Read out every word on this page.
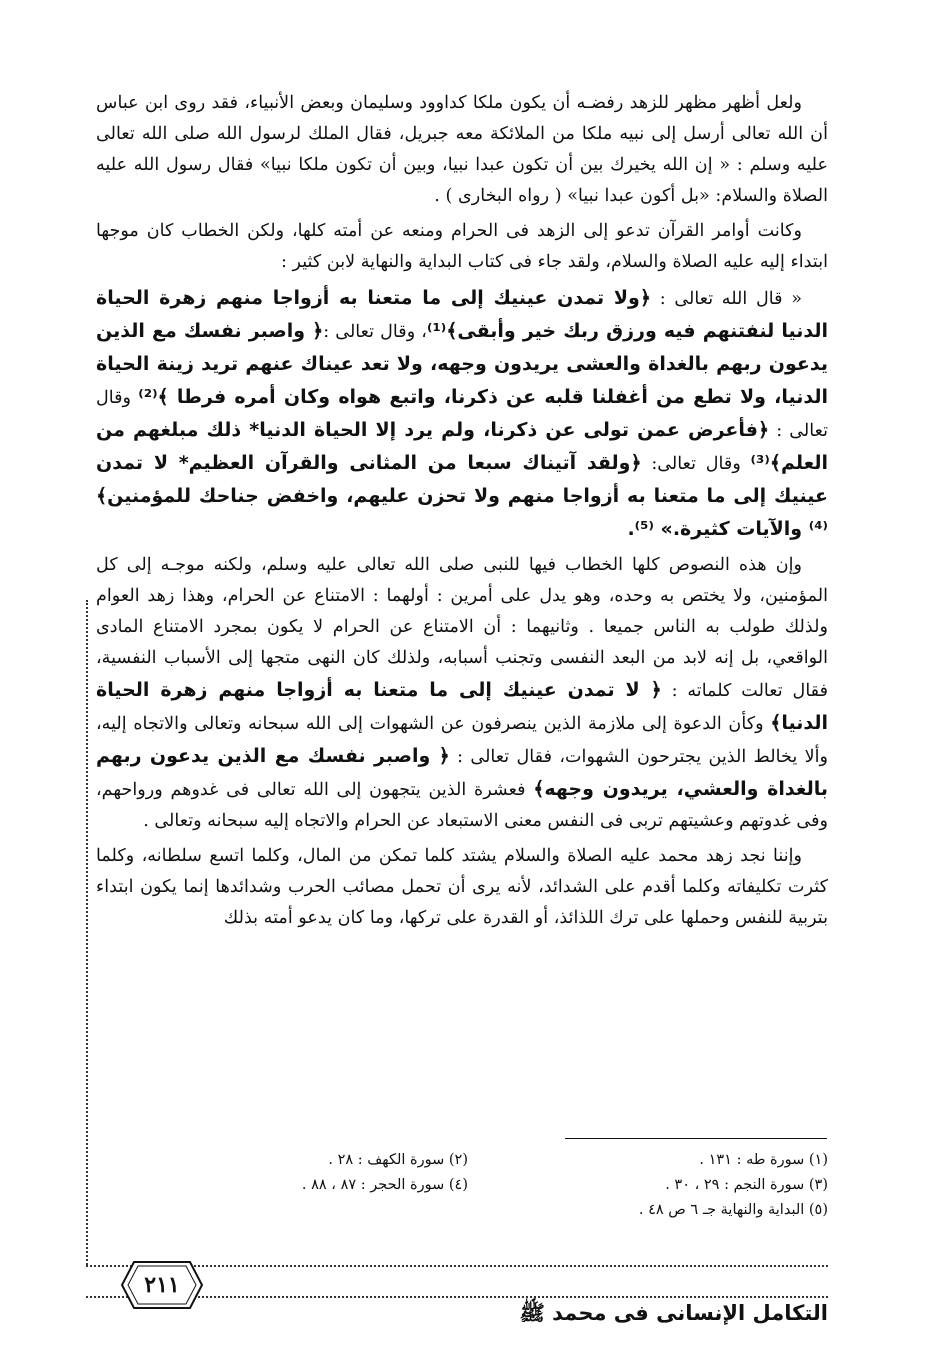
ولعل أظهر مظهر للزهد رفضـه أن يكون ملكا كداوود وسليمان وبعض الأنبياء، فقد روى ابن عباس أن الله تعالى أرسل إلى نبيه ملكا من الملائكة معه جبريل، فقال الملك لرسول الله صلى الله تعالى عليه وسلم : « إن الله يخيرك بين أن تكون عبدا نبيا، وبين أن تكون ملكا نبيا» فقال رسول الله عليه الصلاة والسلام: «بل أكون عبدا نبيا» ( رواه البخارى ) .

وكانت أوامر القرآن تدعو إلى الزهد فى الحرام ومنعه عن أمته كلها، ولكن الخطاب كان موجها ابتداء إليه عليه الصلاة والسلام، ولقد جاء فى كتاب البداية والنهاية لابن كثير :

« قال الله تعالى : ﴿ولا تمدن عينيك إلى ما متعنا به أزواجا منهم زهرة الحياة الدنيا لنفتنهم فيه ورزق ربك خير وأبقى﴾⁽¹⁾، وقال تعالى :﴿ واصبر نفسك مع الذين يدعون ربهم بالغداة والعشى يريدون وجهه، ولا تعد عيناك عنهم تريد زينة الحياة الدنيا، ولا تطع من أغفلنا قلبه عن ذكرنا، واتبع هواه وكان أمره فرطا ﴾⁽²⁾ وقال تعالى : ﴿فأعرض عمن تولى عن ذكرنا، ولم يرد إلا الحياة الدنيا* ذلك مبلغهم من العلم﴾⁽³⁾ وقال تعالى: ﴿ولقد آتيناك سبعا من المثانى والقرآن العظيم* لا تمدن عينيك إلى ما متعنا به أزواجا منهم ولا تحزن عليهم، واخفض جناحك للمؤمنين﴾⁽⁴⁾ والآيات كثيرة.» ⁽⁵⁾.

وإن هذه النصوص كلها الخطاب فيها للنبى صلى الله تعالى عليه وسلم، ولكنه موجـه إلى كل المؤمنين، ولا يختص به وحده، وهو يدل على أمرين : أولهما : الامتناع عن الحرام، وهذا زهد العوام ولذلك طولب به الناس جميعا . وثانيهما : أن الامتناع عن الحرام لا يكون بمجرد الامتناع المادى الواقعي، بل إنه لابد من البعد النفسى وتجنب أسبابه، ولذلك كان النهى متجها إلى الأسباب النفسية، فقال تعالت كلماته : ﴿ لا تمدن عينيك إلى ما متعنا به أزواجا منهم زهرة الحياة الدنيا﴾ وكأن الدعوة إلى ملازمة الذين ينصرفون عن الشهوات إلى الله سبحانه وتعالى والاتجاه إليه، وألا يخالط الذين يجترحون الشهوات، فقال تعالى : ﴿ واصبر نفسك مع الذين يدعون ربهم بالغداة والعشي، يريدون وجهه﴾ فعشرة الذين يتجهون إلى الله تعالى فى غدوهم ورواحهم، وفى غدوتهم وعشيتهم تربى فى النفس معنى الاستبعاد عن الحرام والاتجاه إليه سبحانه وتعالى .

وإننا نجد زهد محمد عليه الصلاة والسلام يشتد كلما تمكن من المال، وكلما اتسع سلطانه، وكلما كثرت تكليفاته وكلما أقدم على الشدائد، لأنه يرى أن تحمل مصائب الحرب وشدائدها إنما يكون ابتداء بتربية للنفس وحملها على ترك اللذائذ، أو القدرة على تركها، وما كان يدعو أمته بذلك

(١) سورة طه : ١٣١ .
(٢) سورة الكهف : ٢٨ .
(٣) سورة النجم : ٢٩ ، ٣٠ .
(٤) سورة الحجر : ٨٧ ، ٨٨ .
(٥) البداية والنهاية جـ ٦ ص ٤٨ .
٢١١
التكامل الإنسانى فى محمد ﷺ
